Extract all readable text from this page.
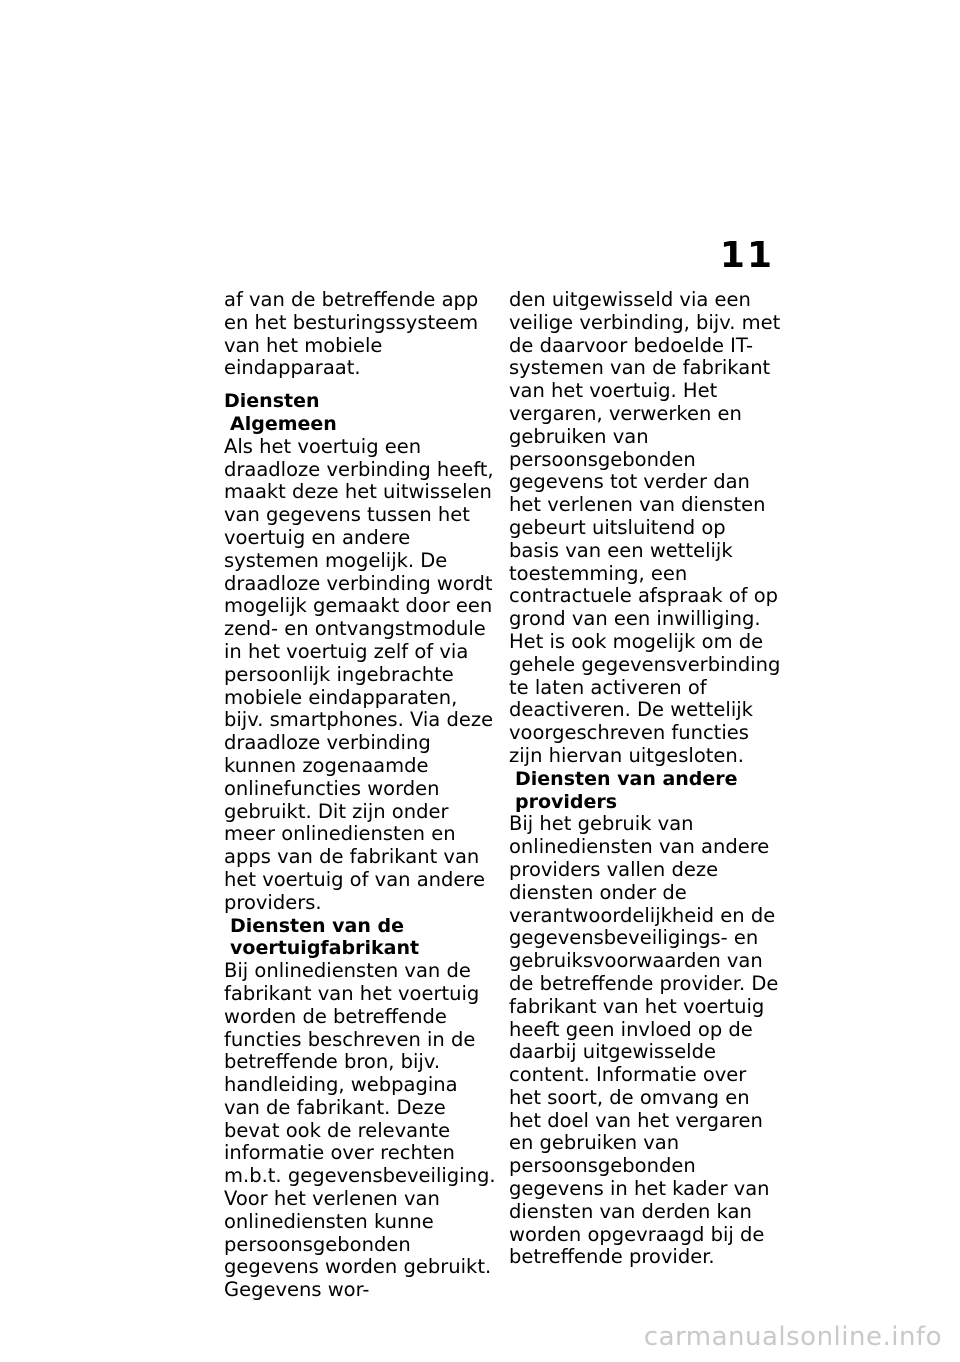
11

af van de betreffende app en het besturingssysteem van het mobiele eindapparaat.

Diensten

Algemeen

Als het voertuig een draadloze verbinding heeft, maakt deze het uitwisselen van gegevens tussen het voertuig en andere systemen mogelijk. De draadloze verbinding wordt mogelijk gemaakt door een zend- en ontvangstmodule in het voertuig zelf of via persoonlijk ingebrachte mobiele eindapparaten, bijv. smartphones. Via deze draadloze verbinding kunnen zogenaamde onlinefuncties worden gebruikt. Dit zijn onder meer onlinediensten en apps van de fabrikant van het voertuig of van andere providers.

Diensten van de voertuigfabrikant

Bij onlinediensten van de fabrikant van het voertuig worden de betreffende functies beschreven in de betreffende bron, bijv. handleiding, webpagina van de fabrikant. Deze bevat ook de relevante informatie over rechten m.b.t. gegevensbeveiliging. Voor het verlenen van onlinediensten kunne persoonsgebonden gegevens worden gebruikt. Gegevens wor-

den uitgewisseld via een veilige verbinding, bijv. met de daarvoor bedoelde IT-systemen van de fabrikant van het voertuig. Het vergaren, verwerken en gebruiken van persoonsgebonden gegevens tot verder dan het verlenen van diensten gebeurt uitsluitend op basis van een wettelijk toestemming, een contractuele afspraak of op grond van een inwilliging. Het is ook mogelijk om de gehele gegevensverbinding te laten activeren of deactiveren. De wettelijk voorgeschreven functies zijn hiervan uitgesloten.

Diensten van andere providers

Bij het gebruik van onlinediensten van andere providers vallen deze diensten onder de verantwoordelijkheid en de gegevensbeveiligings- en gebruiksvoorwaarden van de betreffende provider. De fabrikant van het voertuig heeft geen invloed op de daarbij uitgewisselde content. Informatie over het soort, de omvang en het doel van het vergaren en gebruiken van persoonsgebonden gegevens in het kader van diensten van derden kan worden opgevraagd bij de betreffende provider.

carmanualsonline.info
